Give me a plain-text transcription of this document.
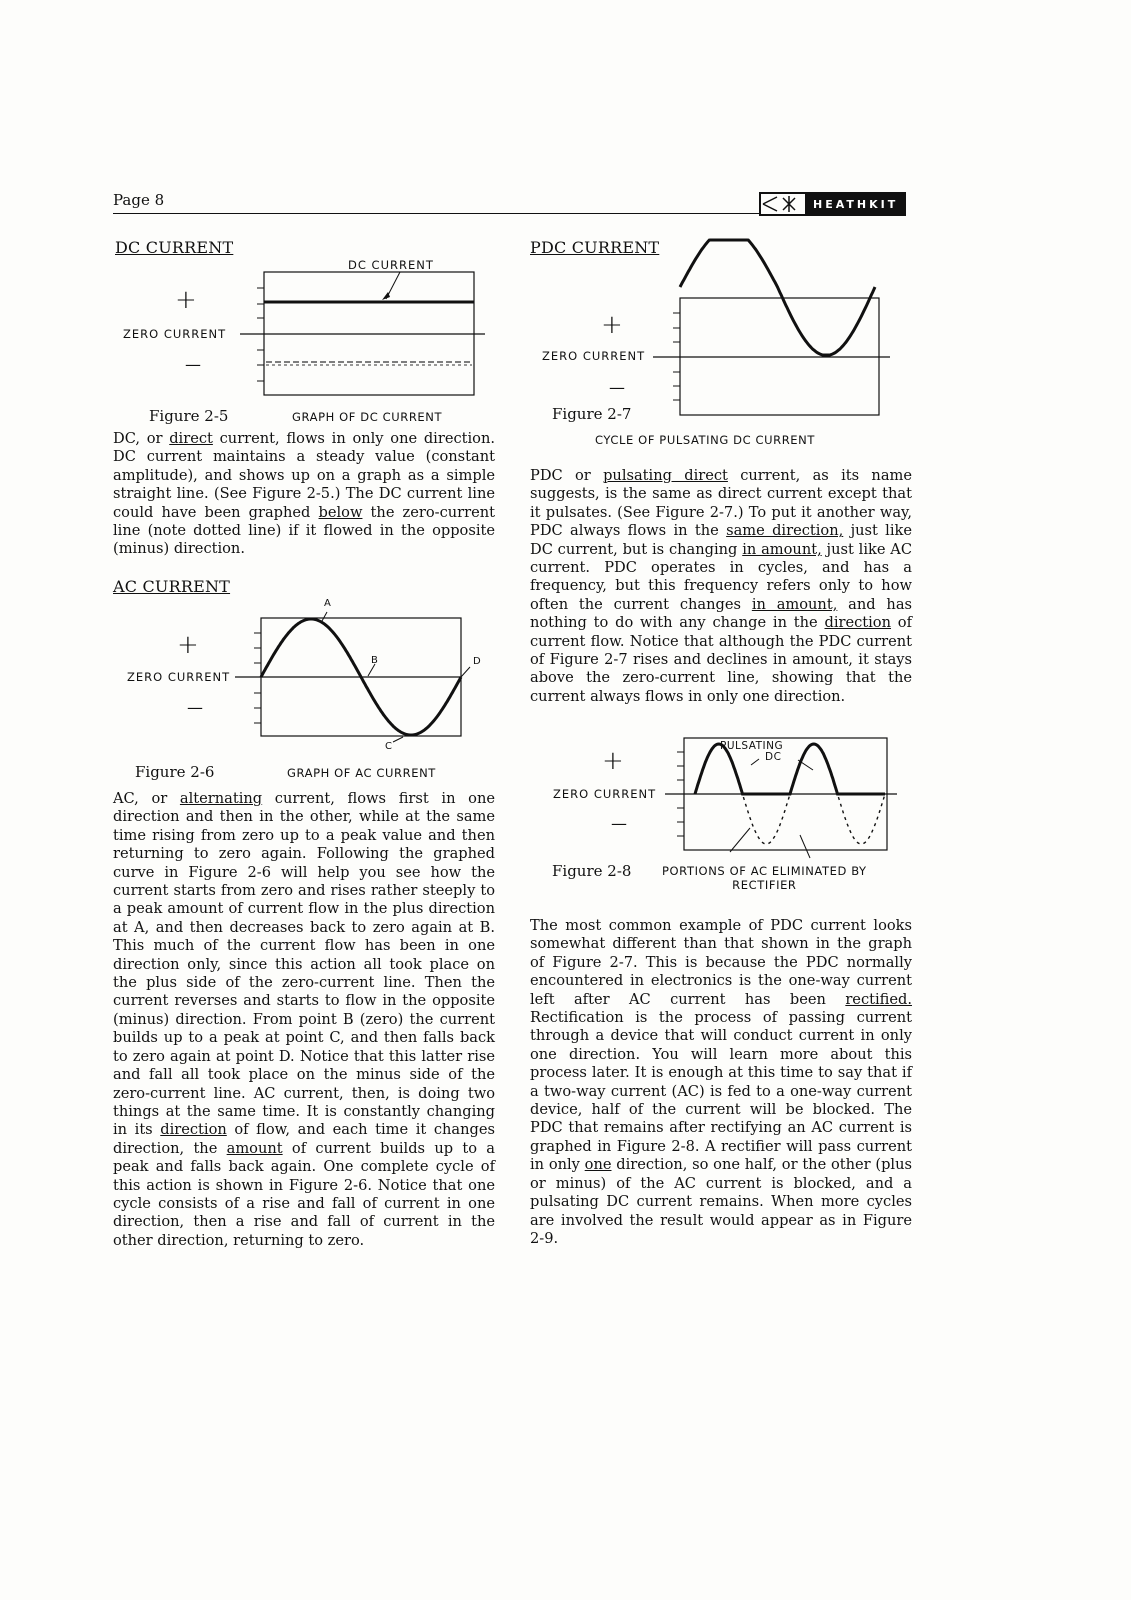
Page 8	HEATHKIT
DC CURRENT
DC CURRENT
+
ZERO CURRENT
—
Figure 2-5	GRAPH OF DC CURRENT
DC, or direct current, flows in only one direction. DC current maintains a steady value (constant amplitude), and shows up on a graph as a simple straight line. (See Figure 2-5.) The DC current line could have been graphed below the zero-current line (note dotted line) if it flowed in the opposite (minus) direction.
AC CURRENT
A
B
C
D
+
ZERO CURRENT
—
Figure 2-6	GRAPH OF AC CURRENT
AC, or alternating current, flows first in one direction and then in the other, while at the same time rising from zero up to a peak value and then returning to zero again. Following the graphed curve in Figure 2-6 will help you see how the current starts from zero and rises rather steeply to a peak amount of current flow in the plus direction at A, and then decreases back to zero again at B. This much of the current flow has been in one direction only, since this action all took place on the plus side of the zero-current line. Then the current reverses and starts to flow in the opposite (minus) direction. From point B (zero) the current builds up to a peak at point C, and then falls back to zero again at point D. Notice that this latter rise and fall all took place on the minus side of the zero-current line. AC current, then, is doing two things at the same time. It is constantly changing in its direction of flow, and each time it changes direction, the amount of current builds up to a peak and falls back again. One complete cycle of this action is shown in Figure 2-6. Notice that one cycle consists of a rise and fall of current in one direction, then a rise and fall of current in the other direction, returning to zero.
PDC CURRENT
+
ZERO CURRENT
—
Figure 2-7
CYCLE OF PULSATING DC CURRENT
PDC or pulsating direct current, as its name suggests, is the same as direct current except that it pulsates. (See Figure 2-7.) To put it another way, PDC always flows in the same direction, just like DC current, but is changing in amount, just like AC current. PDC operates in cycles, and has a frequency, but this frequency refers only to how often the current changes in amount, and has nothing to do with any change in the direction of current flow. Notice that although the PDC current of Figure 2-7 rises and declines in amount, it stays above the zero-current line, showing that the current always flows in only one direction.
PULSATING
DC
+
ZERO CURRENT
—
Figure 2-8	PORTIONS OF AC ELIMINATED BY
RECTIFIER
The most common example of PDC current looks somewhat different than that shown in the graph of Figure 2-7. This is because the PDC normally encountered in electronics is the one-way current left after AC current has been rectified. Rectification is the process of passing current through a device that will conduct current in only one direction. You will learn more about this process later. It is enough at this time to say that if a two-way current (AC) is fed to a one-way current device, half of the current will be blocked. The PDC that remains after rectifying an AC current is graphed in Figure 2-8. A rectifier will pass current in only one direction, so one half, or the other (plus or minus) of the AC current is blocked, and a pulsating DC current remains. When more cycles are involved the result would appear as in Figure 2-9.
